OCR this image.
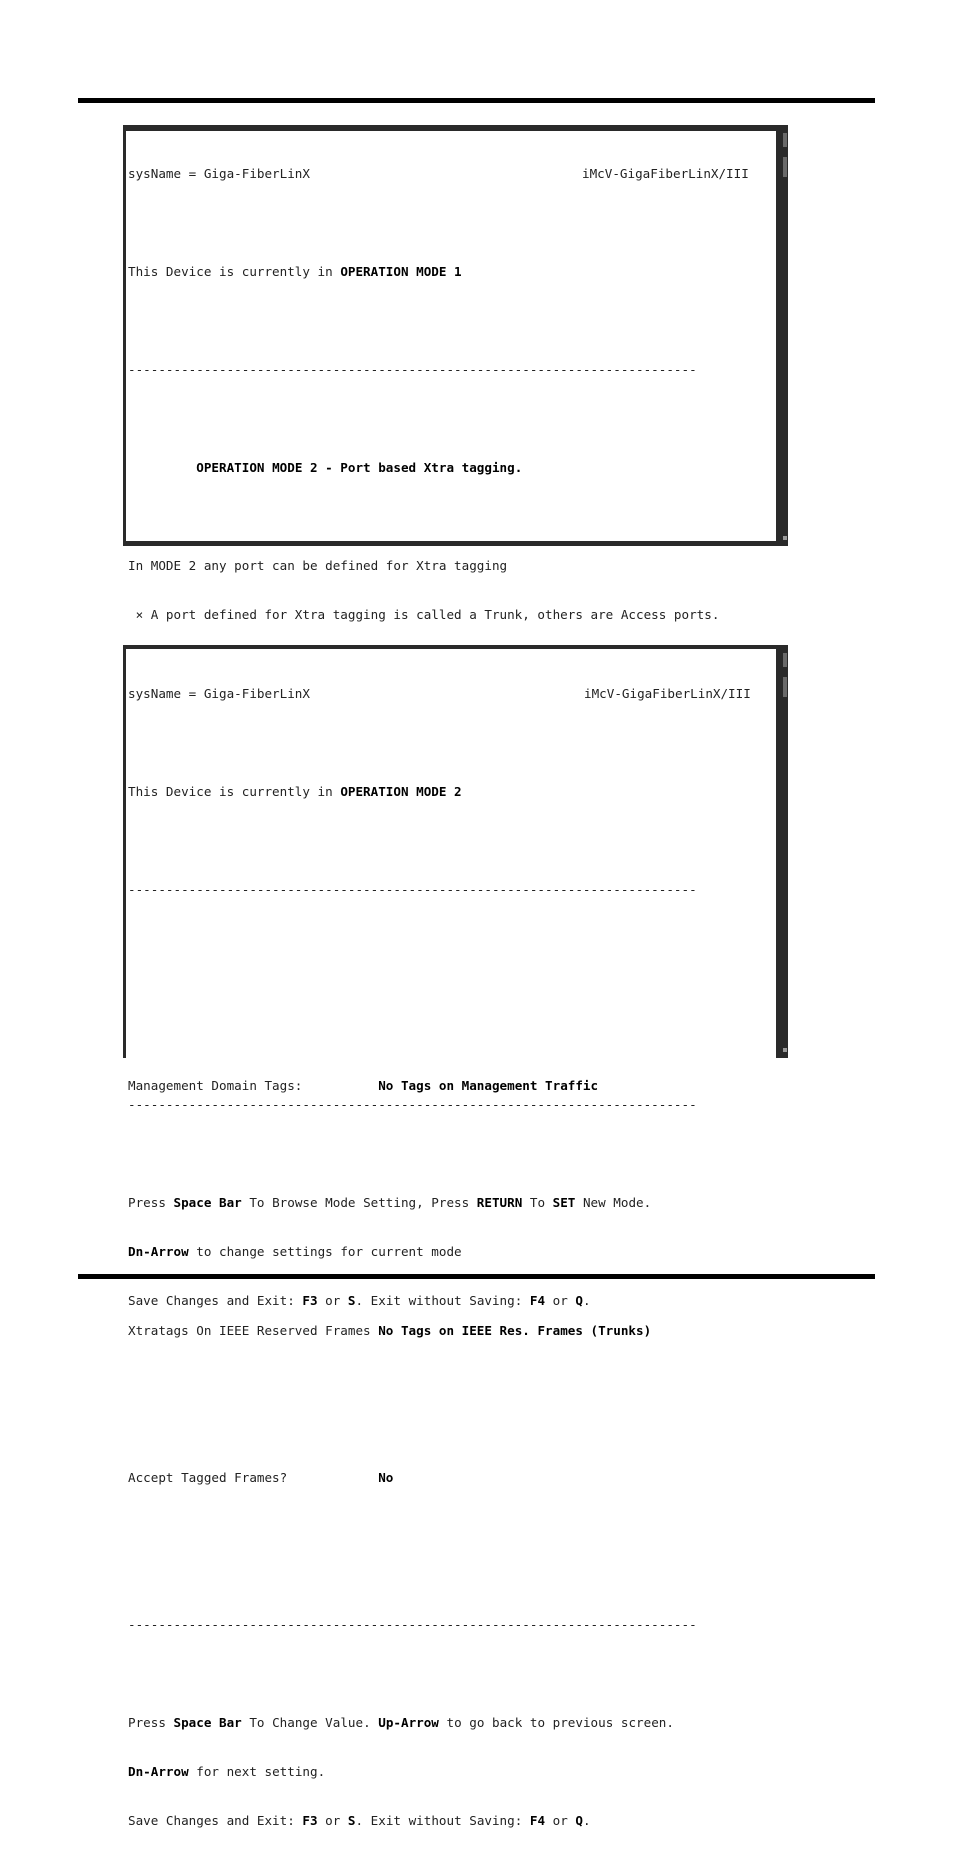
sysName = Giga-FiberLinX	iMcV-GigaFiberLinX/III

This Device is currently in OPERATION MODE 1

---------------------------------------------------------------------------

OPERATION MODE 2 - Port based Xtra tagging.

In MODE 2 any port can be defined for Xtra tagging

× A port defined for Xtra tagging is called a Trunk, others are Access ports.

---------------------------------------------------------------------------

Press Space Bar To Browse Mode Setting, Press RETURN To SET New Mode.

Dn-Arrow to change settings for current mode

Save Changes and Exit: F3 or S. Exit without Saving: F4 or Q.

sysName = Giga-FiberLinX	iMcV-GigaFiberLinX/III

This Device is currently in OPERATION MODE 2

---------------------------------------------------------------------------

Management Domain Tags:          No Tags on Management Traffic

Xtratags On IEEE Reserved Frames No Tags on IEEE Res. Frames (Trunks)

Accept Tagged Frames?            No

---------------------------------------------------------------------------

Press Space Bar To Change Value. Up-Arrow to go back to previous screen.

Dn-Arrow for next setting.

Save Changes and Exit: F3 or S. Exit without Saving: F4 or Q.
